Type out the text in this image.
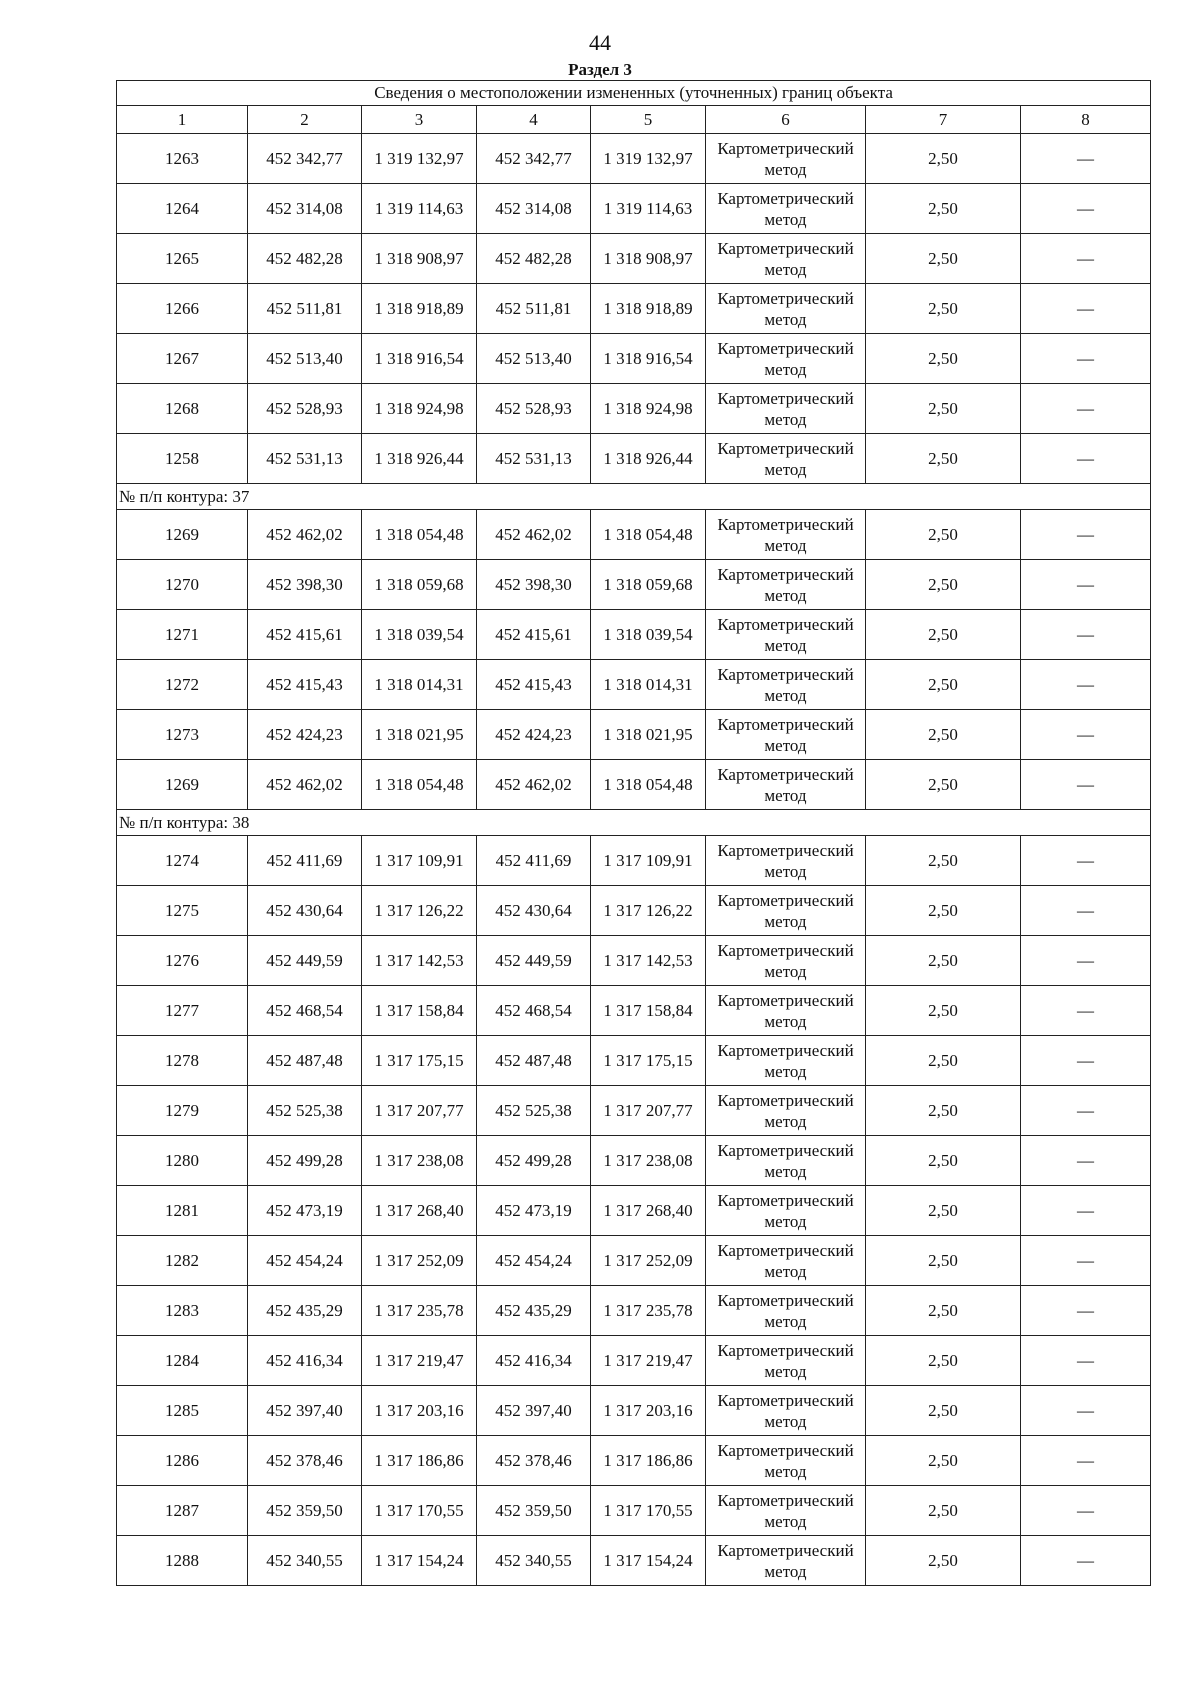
44
Раздел 3
Сведения о местоположении измененных (уточненных) границ объекта							
1	2	3	4	5	6	7	8
1263	452 342,77	1 319 132,97	452 342,77	1 319 132,97	Картометрический метод	2,50	—
1264	452 314,08	1 319 114,63	452 314,08	1 319 114,63	Картометрический метод	2,50	—
1265	452 482,28	1 318 908,97	452 482,28	1 318 908,97	Картометрический метод	2,50	—
1266	452 511,81	1 318 918,89	452 511,81	1 318 918,89	Картометрический метод	2,50	—
1267	452 513,40	1 318 916,54	452 513,40	1 318 916,54	Картометрический метод	2,50	—
1268	452 528,93	1 318 924,98	452 528,93	1 318 924,98	Картометрический метод	2,50	—
1258	452 531,13	1 318 926,44	452 531,13	1 318 926,44	Картометрический метод	2,50	—
№ п/п контура: 37							
1269	452 462,02	1 318 054,48	452 462,02	1 318 054,48	Картометрический метод	2,50	—
1270	452 398,30	1 318 059,68	452 398,30	1 318 059,68	Картометрический метод	2,50	—
1271	452 415,61	1 318 039,54	452 415,61	1 318 039,54	Картометрический метод	2,50	—
1272	452 415,43	1 318 014,31	452 415,43	1 318 014,31	Картометрический метод	2,50	—
1273	452 424,23	1 318 021,95	452 424,23	1 318 021,95	Картометрический метод	2,50	—
1269	452 462,02	1 318 054,48	452 462,02	1 318 054,48	Картометрический метод	2,50	—
№ п/п контура: 38							
1274	452 411,69	1 317 109,91	452 411,69	1 317 109,91	Картометрический метод	2,50	—
1275	452 430,64	1 317 126,22	452 430,64	1 317 126,22	Картометрический метод	2,50	—
1276	452 449,59	1 317 142,53	452 449,59	1 317 142,53	Картометрический метод	2,50	—
1277	452 468,54	1 317 158,84	452 468,54	1 317 158,84	Картометрический метод	2,50	—
1278	452 487,48	1 317 175,15	452 487,48	1 317 175,15	Картометрический метод	2,50	—
1279	452 525,38	1 317 207,77	452 525,38	1 317 207,77	Картометрический метод	2,50	—
1280	452 499,28	1 317 238,08	452 499,28	1 317 238,08	Картометрический метод	2,50	—
1281	452 473,19	1 317 268,40	452 473,19	1 317 268,40	Картометрический метод	2,50	—
1282	452 454,24	1 317 252,09	452 454,24	1 317 252,09	Картометрический метод	2,50	—
1283	452 435,29	1 317 235,78	452 435,29	1 317 235,78	Картометрический метод	2,50	—
1284	452 416,34	1 317 219,47	452 416,34	1 317 219,47	Картометрический метод	2,50	—
1285	452 397,40	1 317 203,16	452 397,40	1 317 203,16	Картометрический метод	2,50	—
1286	452 378,46	1 317 186,86	452 378,46	1 317 186,86	Картометрический метод	2,50	—
1287	452 359,50	1 317 170,55	452 359,50	1 317 170,55	Картометрический метод	2,50	—
1288	452 340,55	1 317 154,24	452 340,55	1 317 154,24	Картометрический метод	2,50	—
